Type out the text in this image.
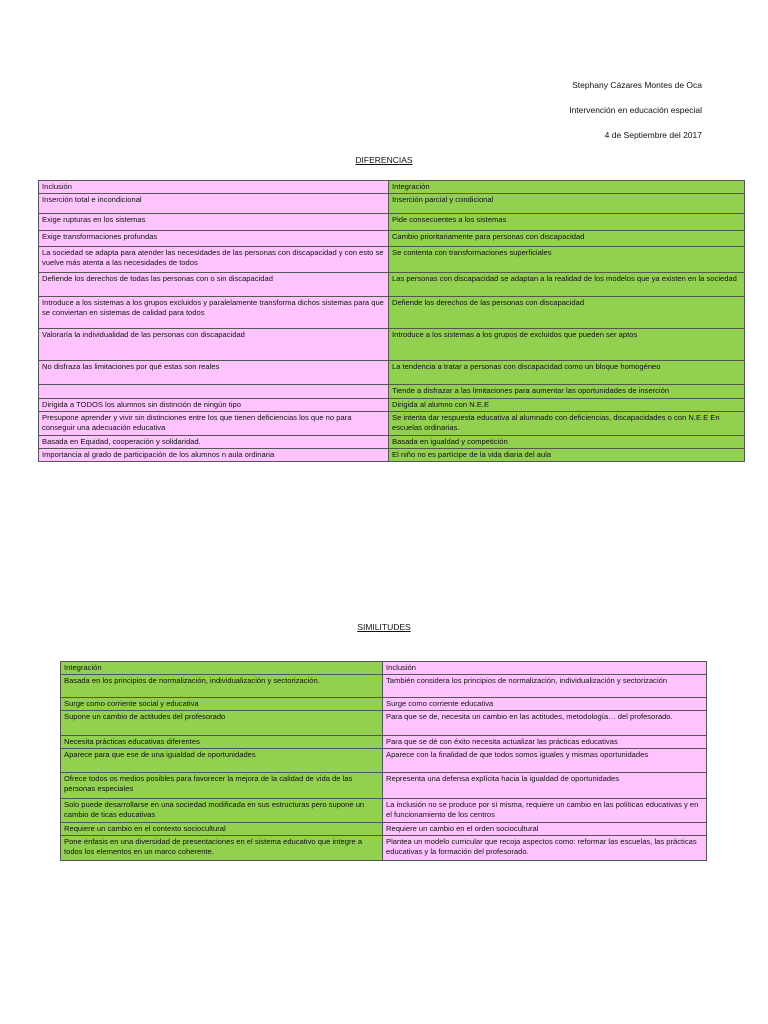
Stephany Cázares Montes de Oca
Intervención en educación especial
4 de Septiembre del 2017
DIFERENCIAS
Inclusión	Integración
Inserción total e incondicional	Inserción parcial y condicional
Exige rupturas en los sistemas	Pide consecuentes a los sistemas
Exige transformaciones profundas	Cambio prioritariamente para personas con discapacidad
La sociedad se adapta para atender las necesidades de las personas con discapacidad y con esto se vuelve más atenta a las necesidades de todos	Se contenta con transformaciones superficiales
Defiende los derechos de todas las personas con o sin discapacidad	Las personas con discapacidad se adaptan a la realidad de los modelos que ya existen en la sociedad
Introduce a los sistemas a los grupos excluidos y paralelamente transforma dichos sistemas para que se conviertan en sistemas de calidad para todos	Defiende los derechos de las personas con discapacidad
Valoraría la individualidad de las personas con discapacidad	Introduce a los sistemas a los grupos de excluidos que pueden ser aptos
No disfraza las limitaciones por qué estas son reales	La tendencia a tratar a personas con discapacidad como un bloque homogéneo
	Tiende a disfrazar a las limitaciones para aumentar las oportunidades de inserción
Dirigida a TODOS los alumnos sin distinción de ningún tipo	Dirigida al alumno con N.E.E
Presupone aprender y vivir sin distinciones entre los que tienen deficiencias los que no para conseguir una adecuación educativa	Se intenta dar respuesta educativa al alumnado con deficiencias, discapacidades o con N.E.E En escuelas ordinarias.
Basada en Equidad, cooperación y solidaridad.	Basada en igualdad y competición
Importancia al grado de participación de los alumnos n aula ordinaria	El niño no es partícipe de la vida diaria del aula
SIMILITUDES
Integración	Inclusión
Basada en los principios de normalización, individualización y sectorización.	También considera los principios de normalización, individualización y sectorización
Surge como corriente social y educativa	Surge como corriente educativa
Supone un cambio de actitudes del profesorado	Para que se de, necesita un cambio en las actitudes, metodología… del profesorado.
Necesita prácticas educativas diferentes	Para que se dé con éxito necesita actualizar las prácticas educativas
Aparece para que ese de una igualdad de oportunidades	Aparece con la finalidad de que todos somos iguales y mismas oportunidades
Ofrece todos os medios posibles para favorecer la mejora de la calidad de vida de las personas especiales	Representa una defensa explícita hacia la igualdad de oportunidades
Solo puede desarrollarse en una sociedad modificada en sus estructuras pero supone un cambio de ticas educativas	La inclusión no se produce por sí misma, requiere un cambio en las políticas educativas y en el funcionamiento de los centros
Requiere un cambio en el contexto sociocultural	Requiere un cambio en el orden sociocultural
Pone énfasis en una diversidad de presentaciones en el sistema educativo que integre a todos los elementos en un marco coherente.	Plantea un modelo curricular que recoja aspectos como: reformar las escuelas, las prácticas educativas y la formación del profesorado.
